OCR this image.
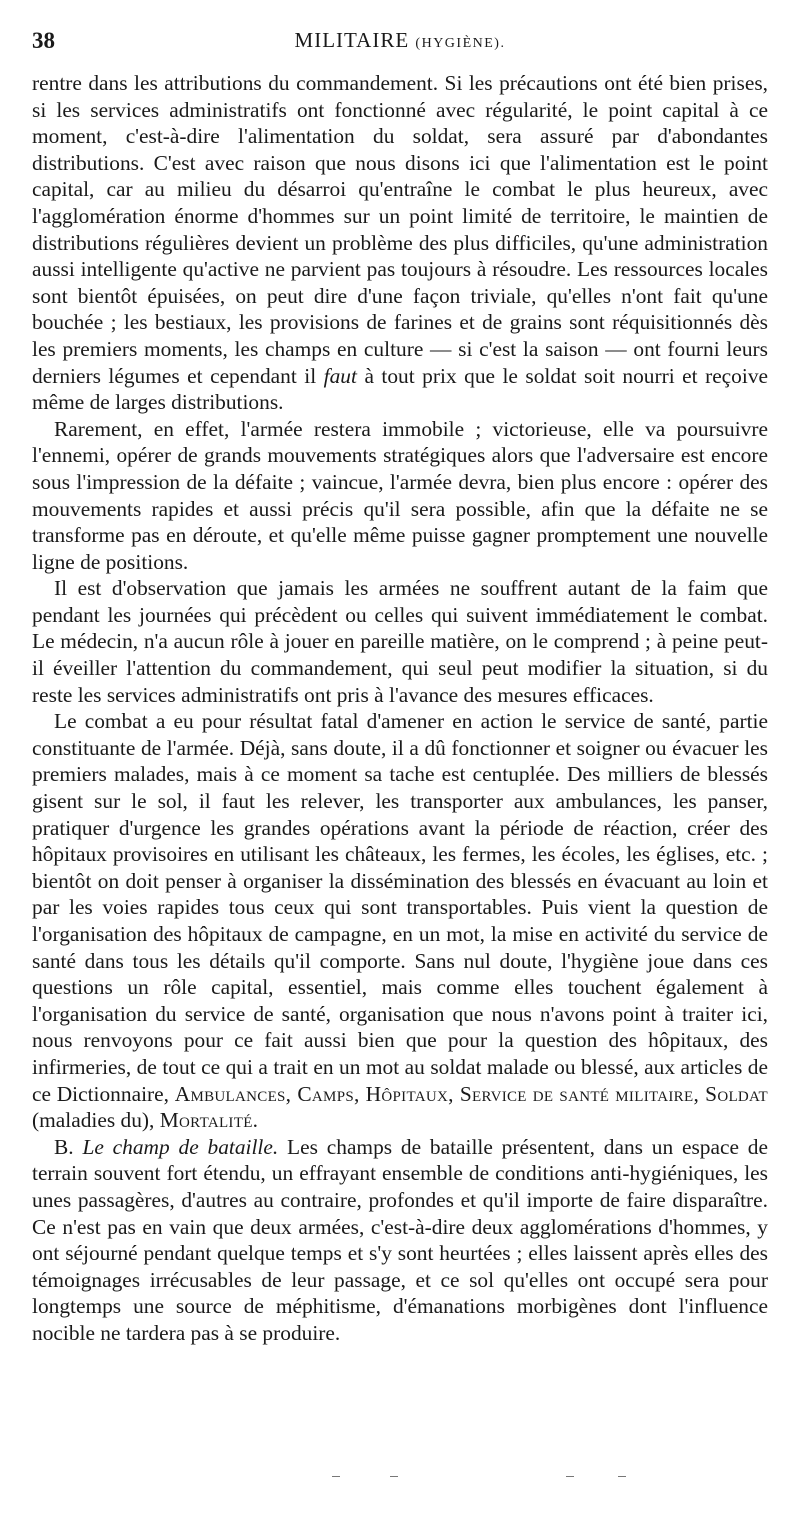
38	MILITAIRE (HYGIÈNE).

rentre dans les attributions du commandement. Si les précautions ont été bien prises, si les services administratifs ont fonctionné avec régularité, le point capital à ce moment, c'est-à-dire l'alimentation du soldat, sera assuré par d'abondantes distributions. C'est avec raison que nous disons ici que l'alimentation est le point capital, car au milieu du désarroi qu'entraîne le combat le plus heureux, avec l'agglomération énorme d'hommes sur un point limité de territoire, le maintien de distributions régulières devient un problème des plus difficiles, qu'une administration aussi intelligente qu'active ne parvient pas toujours à résoudre. Les ressources locales sont bientôt épuisées, on peut dire d'une façon triviale, qu'elles n'ont fait qu'une bouchée ; les bestiaux, les provisions de farines et de grains sont réquisitionnés dès les premiers moments, les champs en culture — si c'est la saison — ont fourni leurs derniers légumes et cependant il faut à tout prix que le soldat soit nourri et reçoive même de larges distributions.

Rarement, en effet, l'armée restera immobile ; victorieuse, elle va poursuivre l'ennemi, opérer de grands mouvements stratégiques alors que l'adversaire est encore sous l'impression de la défaite ; vaincue, l'armée devra, bien plus encore : opérer des mouvements rapides et aussi précis qu'il sera possible, afin que la défaite ne se transforme pas en déroute, et qu'elle même puisse gagner promptement une nouvelle ligne de positions.

Il est d'observation que jamais les armées ne souffrent autant de la faim que pendant les journées qui précèdent ou celles qui suivent immédiatement le combat. Le médecin, n'a aucun rôle à jouer en pareille matière, on le comprend ; à peine peut-il éveiller l'attention du commandement, qui seul peut modifier la situation, si du reste les services administratifs ont pris à l'avance des mesures efficaces.

Le combat a eu pour résultat fatal d'amener en action le service de santé, partie constituante de l'armée. Déjà, sans doute, il a dû fonctionner et soigner ou évacuer les premiers malades, mais à ce moment sa tache est centuplée. Des milliers de blessés gisent sur le sol, il faut les relever, les transporter aux ambulances, les panser, pratiquer d'urgence les grandes opérations avant la période de réaction, créer des hôpitaux provisoires en utilisant les châteaux, les fermes, les écoles, les églises, etc. ; bientôt on doit penser à organiser la dissémination des blessés en évacuant au loin et par les voies rapides tous ceux qui sont transportables. Puis vient la question de l'organisation des hôpitaux de campagne, en un mot, la mise en activité du service de santé dans tous les détails qu'il comporte. Sans nul doute, l'hygiène joue dans ces questions un rôle capital, essentiel, mais comme elles touchent également à l'organisation du service de santé, organisation que nous n'avons point à traiter ici, nous renvoyons pour ce fait aussi bien que pour la question des hôpitaux, des infirmeries, de tout ce qui a trait en un mot au soldat malade ou blessé, aux articles de ce Dictionnaire, Ambulances, Camps, Hôpitaux, Service de santé militaire, Soldat (maladies du), Mortalité.

B. Le champ de bataille. Les champs de bataille présentent, dans un espace de terrain souvent fort étendu, un effrayant ensemble de conditions anti-hygiéniques, les unes passagères, d'autres au contraire, profondes et qu'il importe de faire disparaître. Ce n'est pas en vain que deux armées, c'est-à-dire deux agglomérations d'hommes, y ont séjourné pendant quelque temps et s'y sont heurtées ; elles laissent après elles des témoignages irrécusables de leur passage, et ce sol qu'elles ont occupé sera pour longtemps une source de méphitisme, d'émanations morbigènes dont l'influence nocible ne tardera pas à se produire.
